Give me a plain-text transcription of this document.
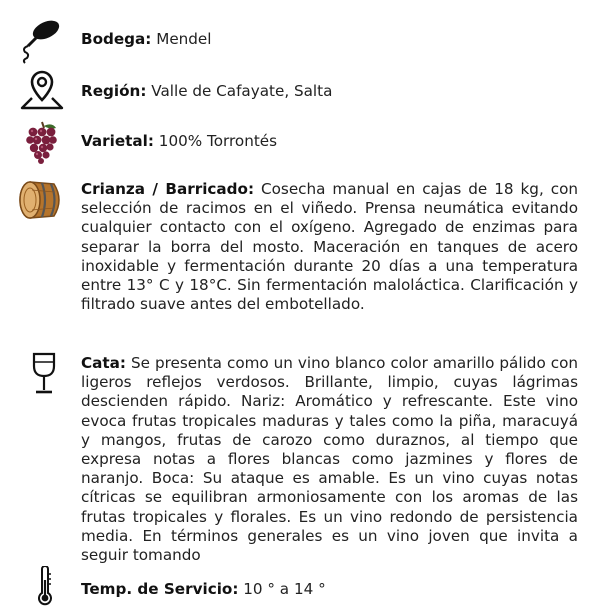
Bodega: Mendel
Región: Valle de Cafayate, Salta
Varietal: 100% Torrontés
Crianza / Barricado: Cosecha manual en cajas de 18 kg, con selección de racimos en el viñedo. Prensa neumática evitando cualquier contacto con el oxígeno. Agregado de enzimas para separar la borra del mosto. Maceración en tanques de acero inoxidable y fermentación durante 20 días a una temperatura entre 13° C y 18°C. Sin fermentación maloláctica. Clarificación y filtrado suave antes del embotellado.
Cata: Se presenta como un vino blanco color amarillo pálido con ligeros reflejos verdosos. Brillante, limpio, cuyas lágrimas descienden rápido. Nariz: Aromático y refrescante. Este vino evoca frutas tropicales maduras y tales como la piña, maracuyá y mangos, frutas de carozo como duraznos, al tiempo que expresa notas a flores blancas como jazmines y flores de naranjo. Boca: Su ataque es amable. Es un vino cuyas notas cítricas se equilibran armoniosamente con los aromas de las frutas tropicales y florales. Es un vino redondo de persistencia media. En términos generales es un vino joven que invita a seguir tomando
Temp. de Servicio: 10 ° a 14 °
